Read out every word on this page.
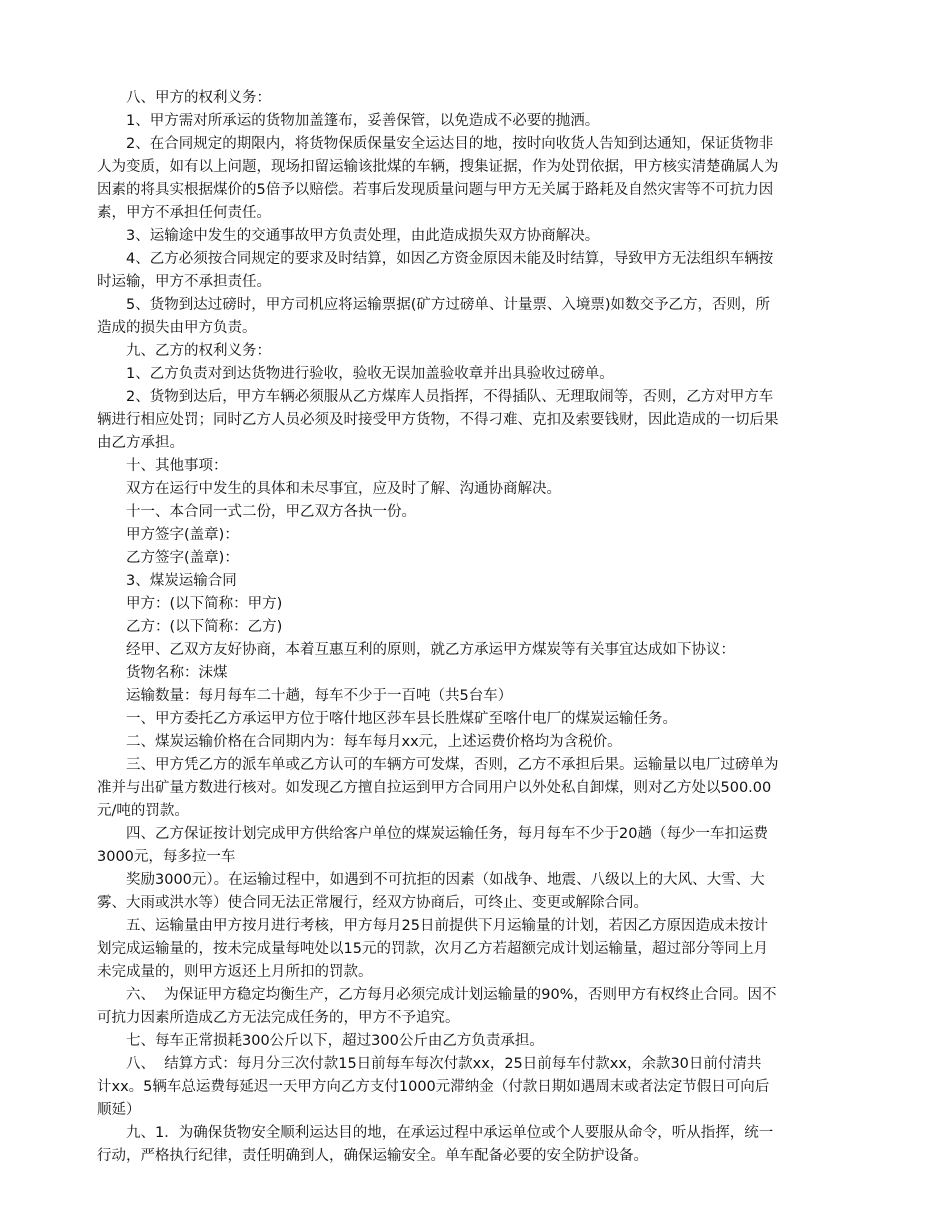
八、甲方的权利义务：
1、甲方需对所承运的货物加盖篷布，妥善保管，以免造成不必要的抛洒。
2、在合同规定的期限内，将货物保质保量安全运达目的地，按时向收货人告知到达通知，保证货物非
人为变质，如有以上问题，现场扣留运输该批煤的车辆，搜集证据，作为处罚依据，甲方核实清楚确属人为
因素的将具实根据煤价的5倍予以赔偿。若事后发现质量问题与甲方无关属于路耗及自然灾害等不可抗力因
素，甲方不承担任何责任。
3、运输途中发生的交通事故甲方负责处理，由此造成损失双方协商解决。
4、乙方必须按合同规定的要求及时结算，如因乙方资金原因未能及时结算，导致甲方无法组织车辆按
时运输，甲方不承担责任。
5、货物到达过磅时，甲方司机应将运输票据(矿方过磅单、计量票、入境票)如数交予乙方，否则，所
造成的损失由甲方负责。
九、乙方的权利义务：
1、乙方负责对到达货物进行验收，验收无误加盖验收章并出具验收过磅单。
2、货物到达后，甲方车辆必须服从乙方煤库人员指挥，不得插队、无理取闹等，否则，乙方对甲方车
辆进行相应处罚；同时乙方人员必须及时接受甲方货物，不得刁难、克扣及索要钱财，因此造成的一切后果
由乙方承担。
十、其他事项：
双方在运行中发生的具体和未尽事宜，应及时了解、沟通协商解决。
十一、本合同一式二份，甲乙双方各执一份。
甲方签字(盖章)：
乙方签字(盖章)：
3、煤炭运输合同
甲方：(以下简称：甲方)
乙方：(以下简称：乙方)
经甲、乙双方友好协商，本着互惠互利的原则，就乙方承运甲方煤炭等有关事宜达成如下协议：
货物名称：沫煤
运输数量：每月每车二十趟，每车不少于一百吨（共5台车）
一、甲方委托乙方承运甲方位于喀什地区莎车县长胜煤矿至喀什电厂的煤炭运输任务。
二、煤炭运输价格在合同期内为：每车每月xx元，上述运费价格均为含税价。
三、甲方凭乙方的派车单或乙方认可的车辆方可发煤，否则，乙方不承担后果。运输量以电厂过磅单为
准并与出矿量方数进行核对。如发现乙方擅自拉运到甲方合同用户以外处私自卸煤，则对乙方处以500.00
元/吨的罚款。
四、乙方保证按计划完成甲方供给客户单位的煤炭运输任务，每月每车不少于20趟（每少一车扣运费
3000元，每多拉一车
奖励3000元）。在运输过程中，如遇到不可抗拒的因素（如战争、地震、八级以上的大风、大雪、大
雾、大雨或洪水等）使合同无法正常履行，经双方协商后，可终止、变更或解除合同。
五、运输量由甲方按月进行考核，甲方每月25日前提供下月运输量的计划，若因乙方原因造成未按计
划完成运输量的，按未完成量每吨处以15元的罚款，次月乙方若超额完成计划运输量，超过部分等同上月
未完成量的，则甲方返还上月所扣的罚款。
六、  为保证甲方稳定均衡生产，乙方每月必须完成计划运输量的90%，否则甲方有权终止合同。因不
可抗力因素所造成乙方无法完成任务的，甲方不予追究。
七、每车正常损耗300公斤以下，超过300公斤由乙方负责承担。
八、  结算方式：每月分三次付款15日前每车每次付款xx，25日前每车付款xx，余款30日前付清共
计xx。5辆车总运费每延迟一天甲方向乙方支付1000元滞纳金（付款日期如遇周末或者法定节假日可向后
顺延）
九、1．为确保货物安全顺利运达目的地，在承运过程中承运单位或个人要服从命令，听从指挥，统一
行动，严格执行纪律，责任明确到人，确保运输安全。单车配备必要的安全防护设备。
